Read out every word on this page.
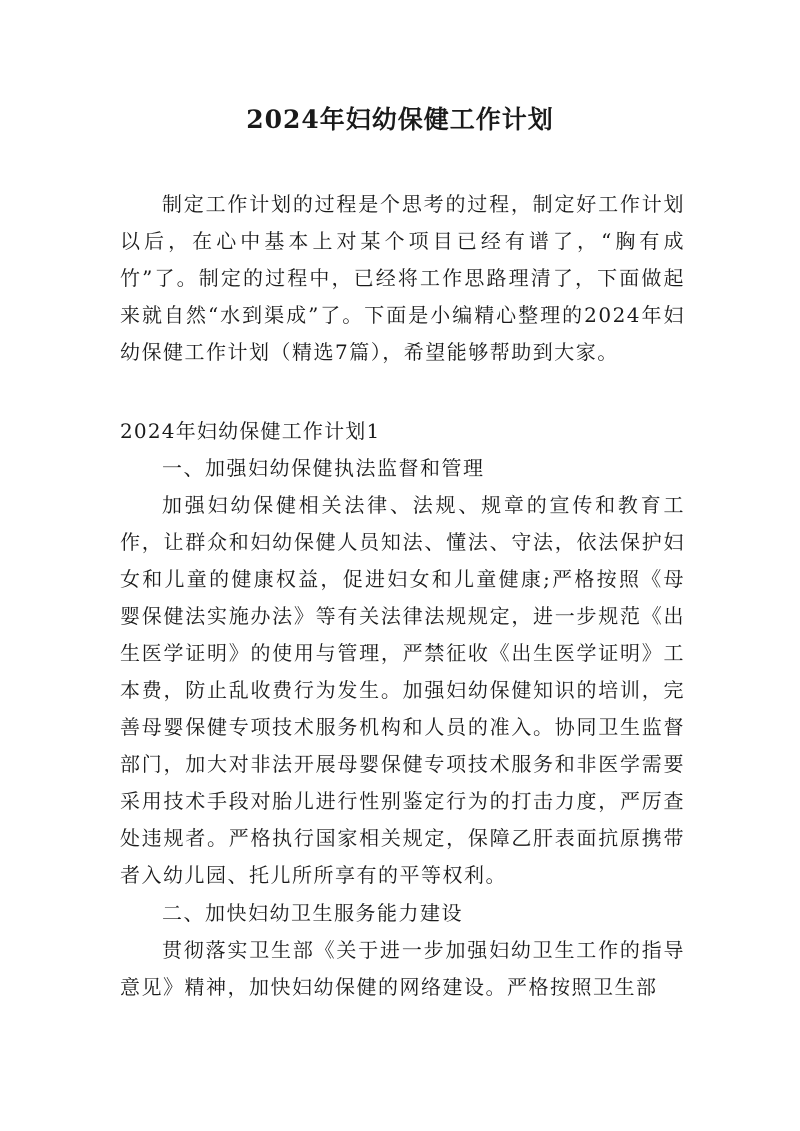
2024年妇幼保健工作计划

制定工作计划的过程是个思考的过程，制定好工作计划以后，在心中基本上对某个项目已经有谱了，“胸有成竹”了。制定的过程中，已经将工作思路理清了，下面做起来就自然“水到渠成”了。下面是小编精心整理的2024年妇幼保健工作计划（精选7篇），希望能够帮助到大家。

2024年妇幼保健工作计划1

一、加强妇幼保健执法监督和管理

加强妇幼保健相关法律、法规、规章的宣传和教育工作，让群众和妇幼保健人员知法、懂法、守法，依法保护妇女和儿童的健康权益，促进妇女和儿童健康;严格按照《母婴保健法实施办法》等有关法律法规规定，进一步规范《出生医学证明》的使用与管理，严禁征收《出生医学证明》工本费，防止乱收费行为发生。加强妇幼保健知识的培训，完善母婴保健专项技术服务机构和人员的准入。协同卫生监督部门，加大对非法开展母婴保健专项技术服务和非医学需要采用技术手段对胎儿进行性别鉴定行为的打击力度，严厉查处违规者。严格执行国家相关规定，保障乙肝表面抗原携带者入幼儿园、托儿所所享有的平等权利。

二、加快妇幼卫生服务能力建设

贯彻落实卫生部《关于进一步加强妇幼卫生工作的指导意见》精神，加快妇幼保健的网络建设。严格按照卫生部
